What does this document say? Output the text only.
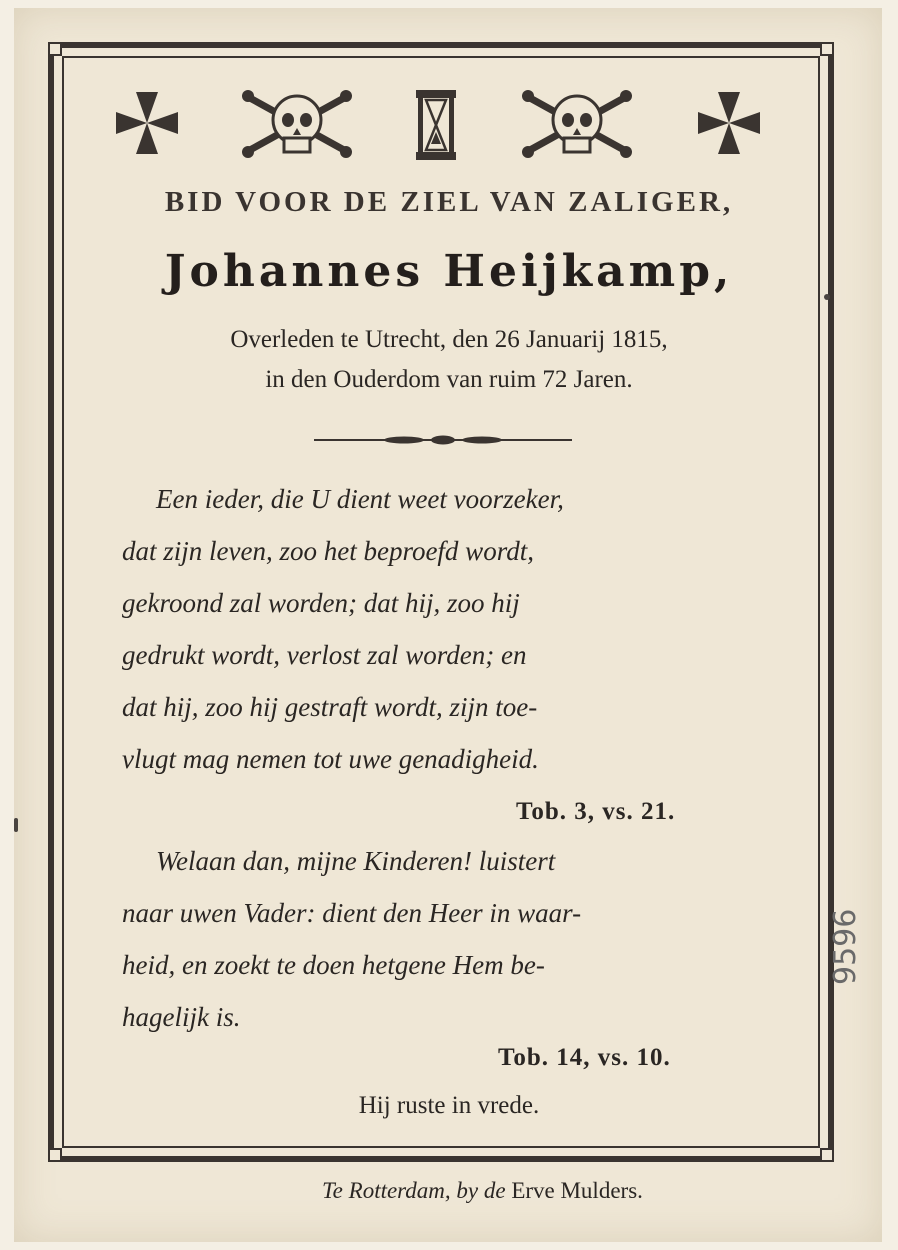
BID VOOR DE ZIEL VAN ZALIGER,
Johannes Heijkamp,
Overleden te Utrecht, den 26 Januarij 1815,
in den Ouderdom van ruim 72 Jaren.
Een ieder, die U dient weet voorzeker,
dat zijn leven, zoo het beproefd wordt,
gekroond zal worden; dat hij, zoo hij
gedrukt wordt, verlost zal worden; en
dat hij, zoo hij gestraft wordt, zijn toe-
vlugt mag nemen tot uwe genadigheid.
Tob. 3, vs. 21.
Welaan dan, mijne Kinderen! luistert
naar uwen Vader: dient den Heer in waar-
heid, en zoekt te doen hetgene Hem be-
hagelijk is.
Tob. 14, vs. 10.
Hij ruste in vrede.
Te Rotterdam, by de Erve Mulders.
9596
